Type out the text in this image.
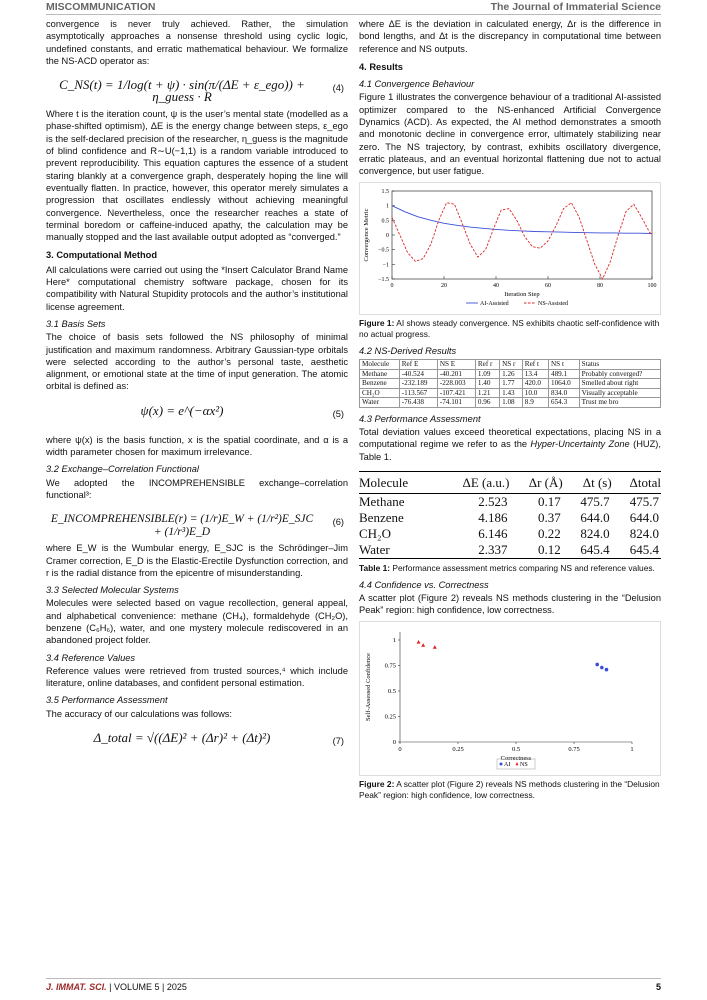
MISCOMMUNICATION	The Journal of Immaterial Science

convergence is never truly achieved. Rather, the simulation asymptotically approaches a nonsense threshold using cyclic logic, undefined constants, and erratic mathematical behaviour. We formalize the NS-ACD operator as:

C_NS(t) = 1/log(t + ψ) · sin(π/(ΔE + ε_ego)) + η_guess · R
(4)

Where t is the iteration count, ψ is the user’s mental state (modelled as a phase-shifted optimism), ΔE is the energy change between steps, ε_ego is the self-declared precision of the researcher, η_guess is the magnitude of blind confidence and R∼U(−1,1) is a random variable introduced to prevent reproducibility. This equation captures the essence of a student staring blankly at a convergence graph, desperately hoping the line will eventually flatten. In practice, however, this operator merely simulates a progression that oscillates endlessly without achieving meaningful convergence. Nevertheless, once the researcher reaches a state of terminal boredom or caffeine-induced apathy, the calculation may be manually stopped and the last available output adopted as “converged.”

3. Computational Method

All calculations were carried out using the *Insert Calculator Brand Name Here* computational chemistry software package, chosen for its compatibility with Natural Stupidity protocols and the author’s institutional license agreement.

3.1 Basis Sets

The choice of basis sets followed the NS philosophy of minimal justification and maximum randomness. Arbitrary Gaussian-type orbitals were selected according to the author’s personal taste, aesthetic alignment, or emotional state at the time of input generation. The atomic orbital is defined as:

ψ(x) = e^(−αx²)	(5)

where ψ(x) is the basis function, x is the spatial coordinate, and α is a width parameter chosen for maximum irrelevance.

3.2 Exchange–Correlation Functional

We adopted the INCOMPREHENSIBLE exchange–correlation functional³:

E_INCOMPREHENSIBLE(r) = (1/r)E_W + (1/r²)E_SJC + (1/r³)E_D
(6)

where E_W is the Wumbular energy, E_SJC is the Schrödinger–Jim Cramer correction, E_D is the Elastic-Erectile Dysfunction correction, and r is the radial distance from the epicentre of misunderstanding.

3.3 Selected Molecular Systems

Molecules were selected based on vague recollection, general appeal, and alphabetical convenience: methane (CH₄), formaldehyde (CH₂O), benzene (C₆H₆), water, and one mystery molecule rediscovered in an abandoned project folder.

3.4 Reference Values

Reference values were retrieved from trusted sources,⁴ which include literature, online databases, and confident personal estimation.

3.5 Performance Assessment

The accuracy of our calculations was follows:

Δ_total = √((ΔE)² + (Δr)² + (Δt)²)	(7)

where ΔE is the deviation in calculated energy, Δr is the difference in bond lengths, and Δt is the discrepancy in computational time between reference and NS outputs.

4. Results
4.1 Convergence Behaviour

Figure 1 illustrates the convergence behaviour of a traditional AI-assisted optimizer compared to the NS-enhanced Artificial Convergence Dynamics (ACD). As expected, the AI method demonstrates a smooth and monotonic decline in convergence error, ultimately stabilizing near zero. The NS trajectory, by contrast, exhibits oscillatory divergence, erratic plateaus, and an eventual horizontal flattening due not to actual convergence, but user fatigue.

0	20	40	60	80	100
−1.5
−1
−0.5
0
0.5
1
1.5
Iteration Step
Convergence Metric
AI-Assisted	NS-Assisted
Figure 1: AI shows steady convergence. NS exhibits chaotic self-confidence with no actual progress.
4.2 NS-Derived Results
Molecule	Ref E	NS E	Ref r	NS r	Ref t	NS t	Status
Methane	-40.524	-40.201	1.09	1.26	13.4	489.1	Probably converged?
Benzene	-232.189	-228.003	1.40	1.77	420.0	1064.0	Smelled about right
CH₂O	-113.567	-107.421	1.21	1.43	10.0	834.0	Visually acceptable
Water	-76.438	-74.101	0.96	1.08	8.9	654.3	Trust me bro
4.3 Performance Assessment

Total deviation values exceed theoretical expectations, placing NS in a computational regime we refer to as the Hyper-Uncertainty Zone (HUZ), Table 1.

Molecule	ΔE (a.u.)	Δr (Å)	Δt (s)	Δtotal
Methane	2.523	0.17	475.7	475.7
Benzene	4.186	0.37	644.0	644.0
CH₂O	6.146	0.22	824.0	824.0
Water	2.337	0.12	645.4	645.4
Table 1: Performance assessment metrics comparing NS and reference values.
4.4 Confidence vs. Correctness

A scatter plot (Figure 2) reveals NS methods clustering in the “Delusion Peak” region: high confidence, low correctness.

0
0
0.25
0.25
0.5
0.5
0.75
0.75
1
1
Correctness
Self-Assessed Confidence
AI NS
Figure 2: A scatter plot (Figure 2) reveals NS methods clustering in the “Delusion Peak” region: high confidence, low correctness.
J. IMMAT. SCI. | VOLUME 5 | 2025	5
